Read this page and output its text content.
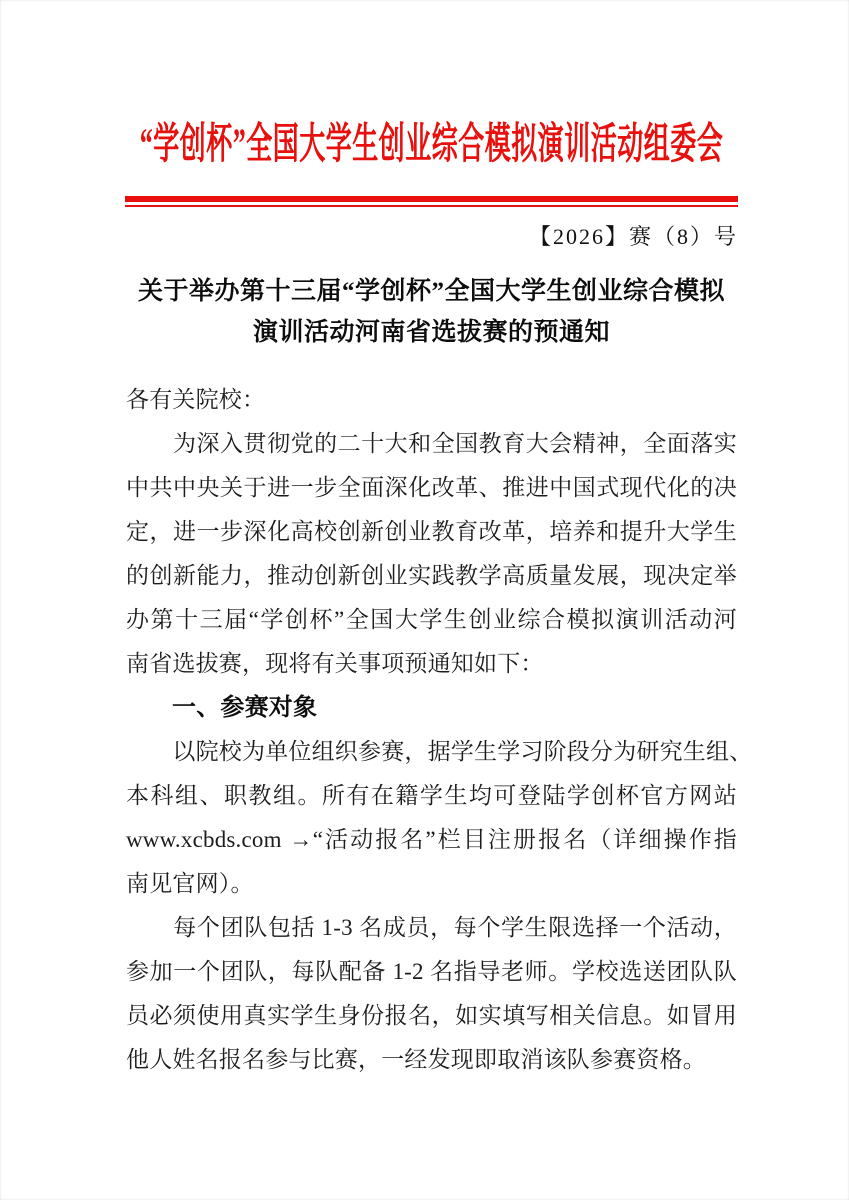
“学创杯”全国大学生创业综合模拟演训活动组委会
【2026】赛（8）号
关于举办第十三届“学创杯”全国大学生创业综合模拟
演训活动河南省选拔赛的预通知
各有关院校：
　　为深入贯彻党的二十大和全国教育大会精神，全面落实
中共中央关于进一步全面深化改革、推进中国式现代化的决
定，进一步深化高校创新创业教育改革，培养和提升大学生
的创新能力，推动创新创业实践教学高质量发展，现决定举
办第十三届“学创杯”全国大学生创业综合模拟演训活动河
南省选拔赛，现将有关事项预通知如下：
一、参赛对象
　　以院校为单位组织参赛，据学生学习阶段分为研究生组、
本科组、职教组。所有在籍学生均可登陆学创杯官方网站
www.xcbds.com →“活动报名”栏目注册报名（详细操作指
南见官网）。
　　每个团队包括 1-3 名成员，每个学生限选择一个活动，
参加一个团队，每队配备 1-2 名指导老师。学校选送团队队
员必须使用真实学生身份报名，如实填写相关信息。如冒用
他人姓名报名参与比赛，一经发现即取消该队参赛资格。
